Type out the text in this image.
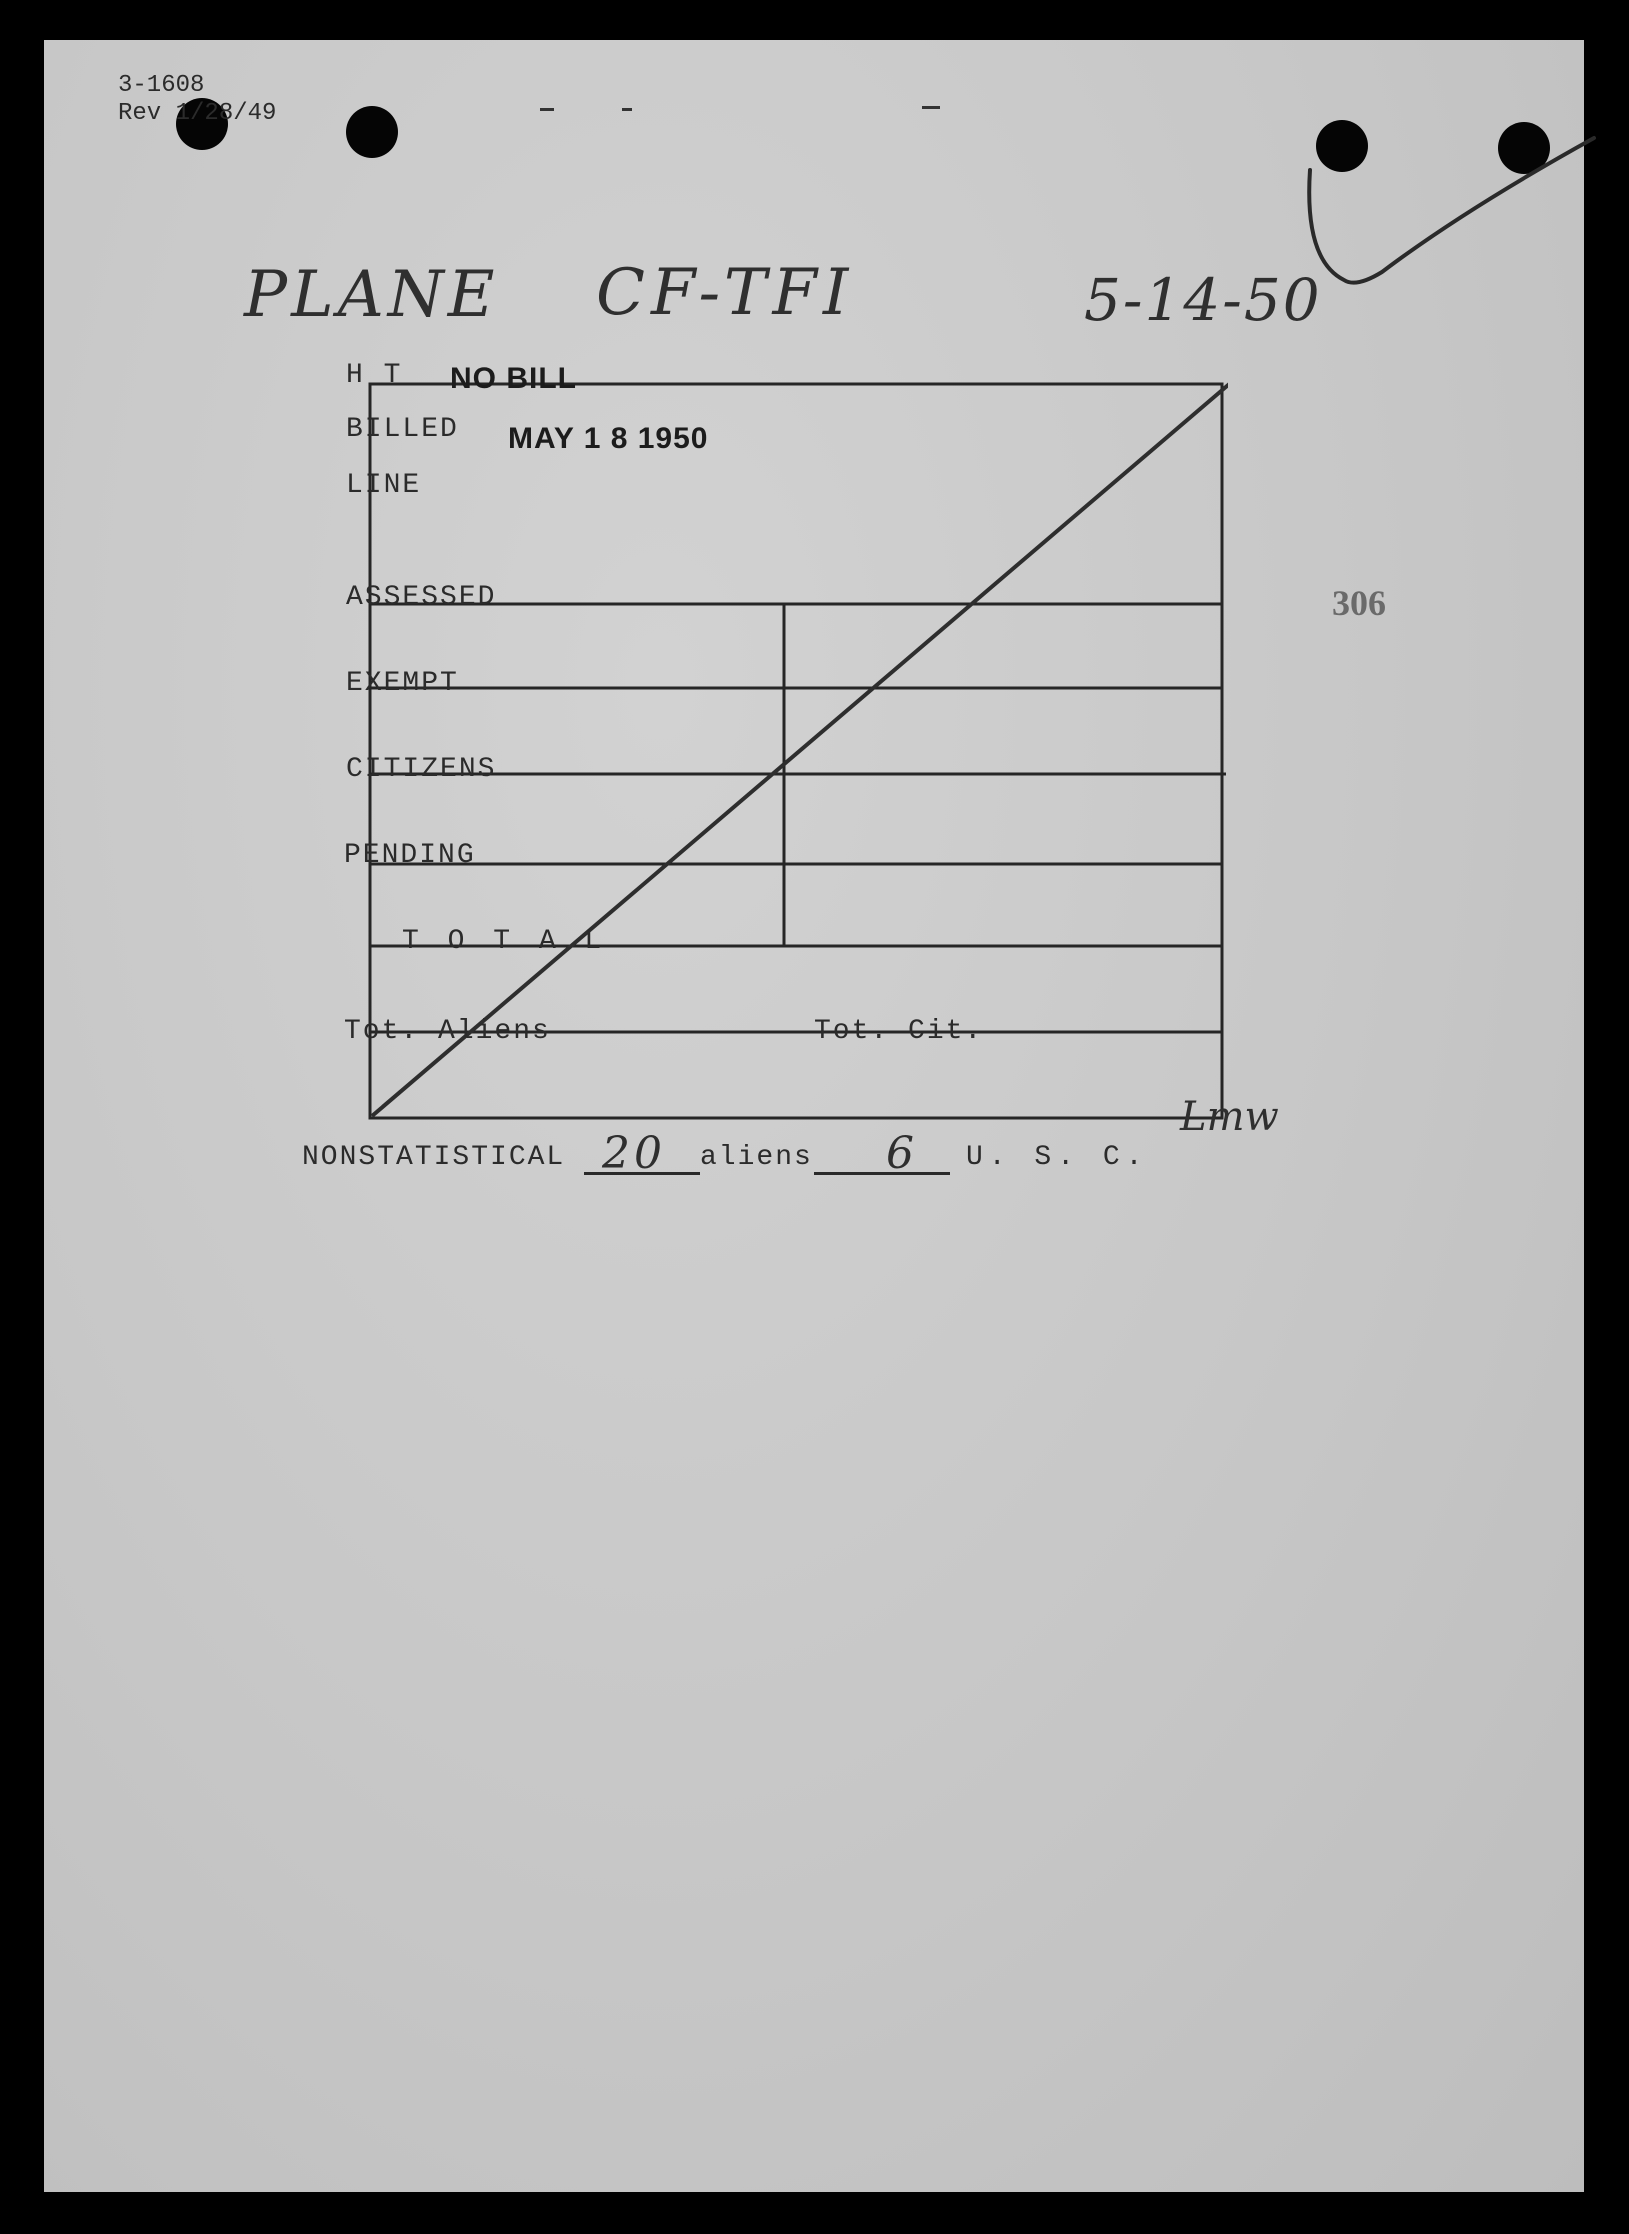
3-1608
Rev 1/28/49
PLANE CF-TFI	5-14-50
306
H T NO BILL
BILLED MAY 1 8 1950
LINE
ASSESSED
EXEMPT
CITIZENS
PENDING
T O T A L
Tot. Aliens	Tot. Cit.
Lmw
NONSTATISTICAL 20 aliens 6 U. S. C.
